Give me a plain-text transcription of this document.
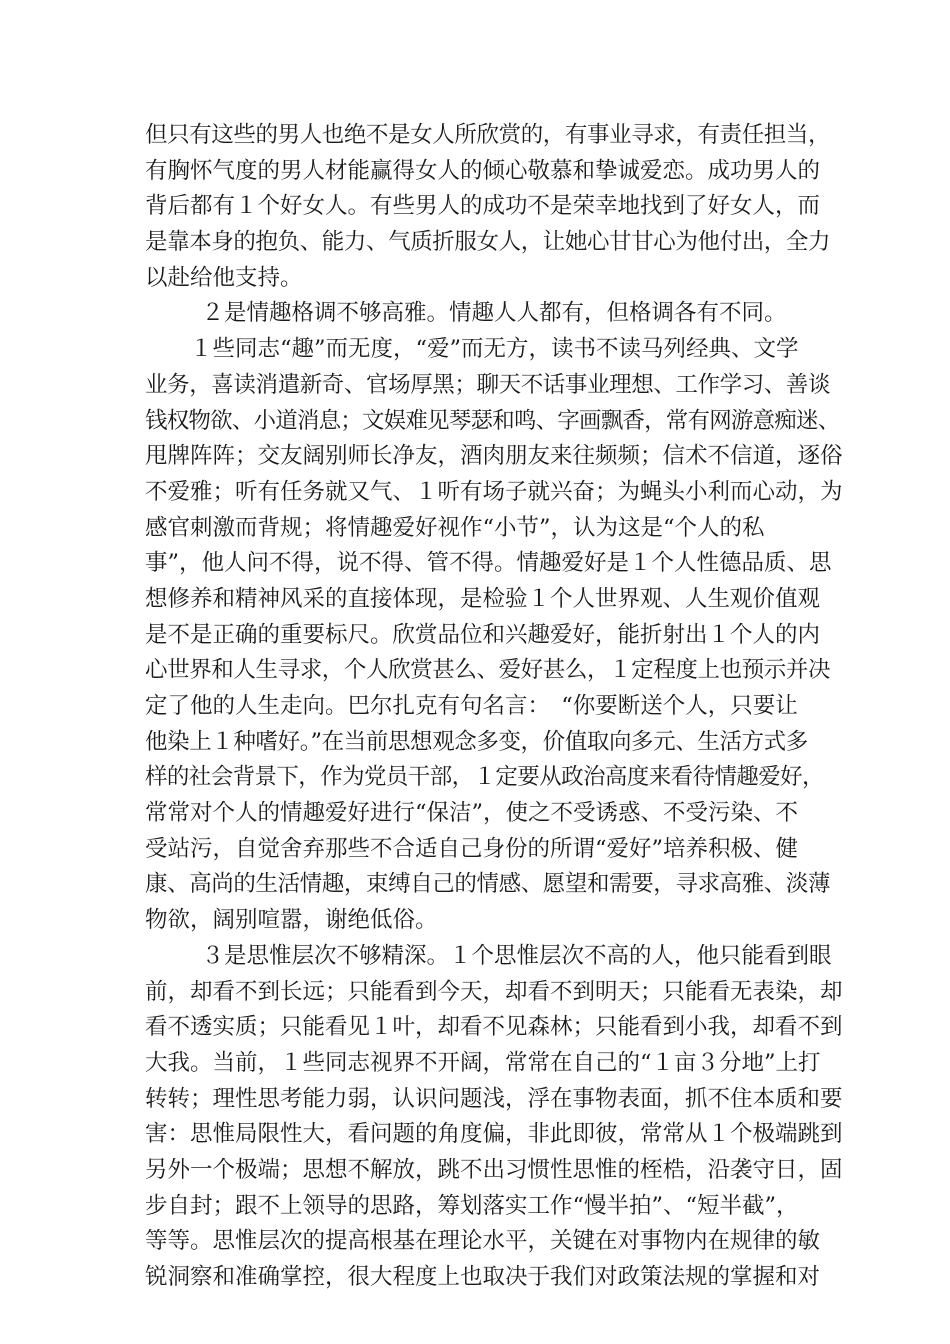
但只有这些的男人也绝不是女人所欣赏的，有事业寻求，有责任担当，
有胸怀气度的男人材能赢得女人的倾心敬慕和挚诚爱恋。成功男人的
背后都有１个好女人。有些男人的成功不是荣幸地找到了好女人，而
是靠本身的抱负、能力、气质折服女人，让她心甘甘心为他付出，全力
以赴给他支持。
　２是情趣格调不够高雅。情趣人人都有，但格调各有不同。
１些同志“趣”而无度，“爱”而无方，读书不读马列经典、文学
业务，喜读消遣新奇、官场厚黑；聊天不话事业理想、工作学习、善谈
钱权物欲、小道消息；文娱难见琴瑟和鸣、字画飘香，常有网游意痴迷、
甩牌阵阵；交友阔别师长净友，酒肉朋友来往频频；信术不信道，逐俗
不爱雅；听有任务就又气、１听有场子就兴奋；为蝇头小利而心动，为
感官刺激而背规；将情趣爱好视作“小节”，认为这是“个人的私
事”，他人问不得，说不得、管不得。情趣爱好是１个人性德品质、思
想修养和精神风采的直接体现，是检验１个人世界观、人生观价值观
是不是正确的重要标尺。欣赏品位和兴趣爱好，能折射出１个人的内
心世界和人生寻求，个人欣赏甚么、爱好甚么，１定程度上也预示并决
定了他的人生走向。巴尔扎克有句名言：　“你要断送个人，只要让
他染上１种嗜好。”在当前思想观念多变，价值取向多元、生活方式多
样的社会背景下，作为党员干部，１定要从政治高度来看待情趣爱好，
常常对个人的情趣爱好进行“保洁”，使之不受诱惑、不受污染、不
受站污，自觉舍弃那些不合适自己身份的所谓“爱好”培养积极、健
康、高尚的生活情趣，束缚自己的情感、愿望和需要，寻求高雅、淡薄
物欲，阔别喧嚣，谢绝低俗。
　３是思惟层次不够精深。１个思惟层次不高的人，他只能看到眼
前，却看不到长远；只能看到今天，却看不到明天；只能看无表染，却
看不透实质；只能看见１叶，却看不见森林；只能看到小我，却看不到
大我。当前，１些同志视界不开阔，常常在自己的“１亩３分地”上打
转转；理性思考能力弱，认识问题浅，浮在事物表面，抓不住本质和要
害：思惟局限性大，看问题的角度偏，非此即彼，常常从１个极端跳到
另外一个极端；思想不解放，跳不出习惯性思惟的桎梏，沿袭守日，固
步自封；跟不上领导的思路，筹划落实工作“慢半拍”、“短半截”，
等等。思惟层次的提高根基在理论水平，关键在对事物内在规律的敏
锐洞察和准确掌控，很大程度上也取决于我们对政策法规的掌握和对
